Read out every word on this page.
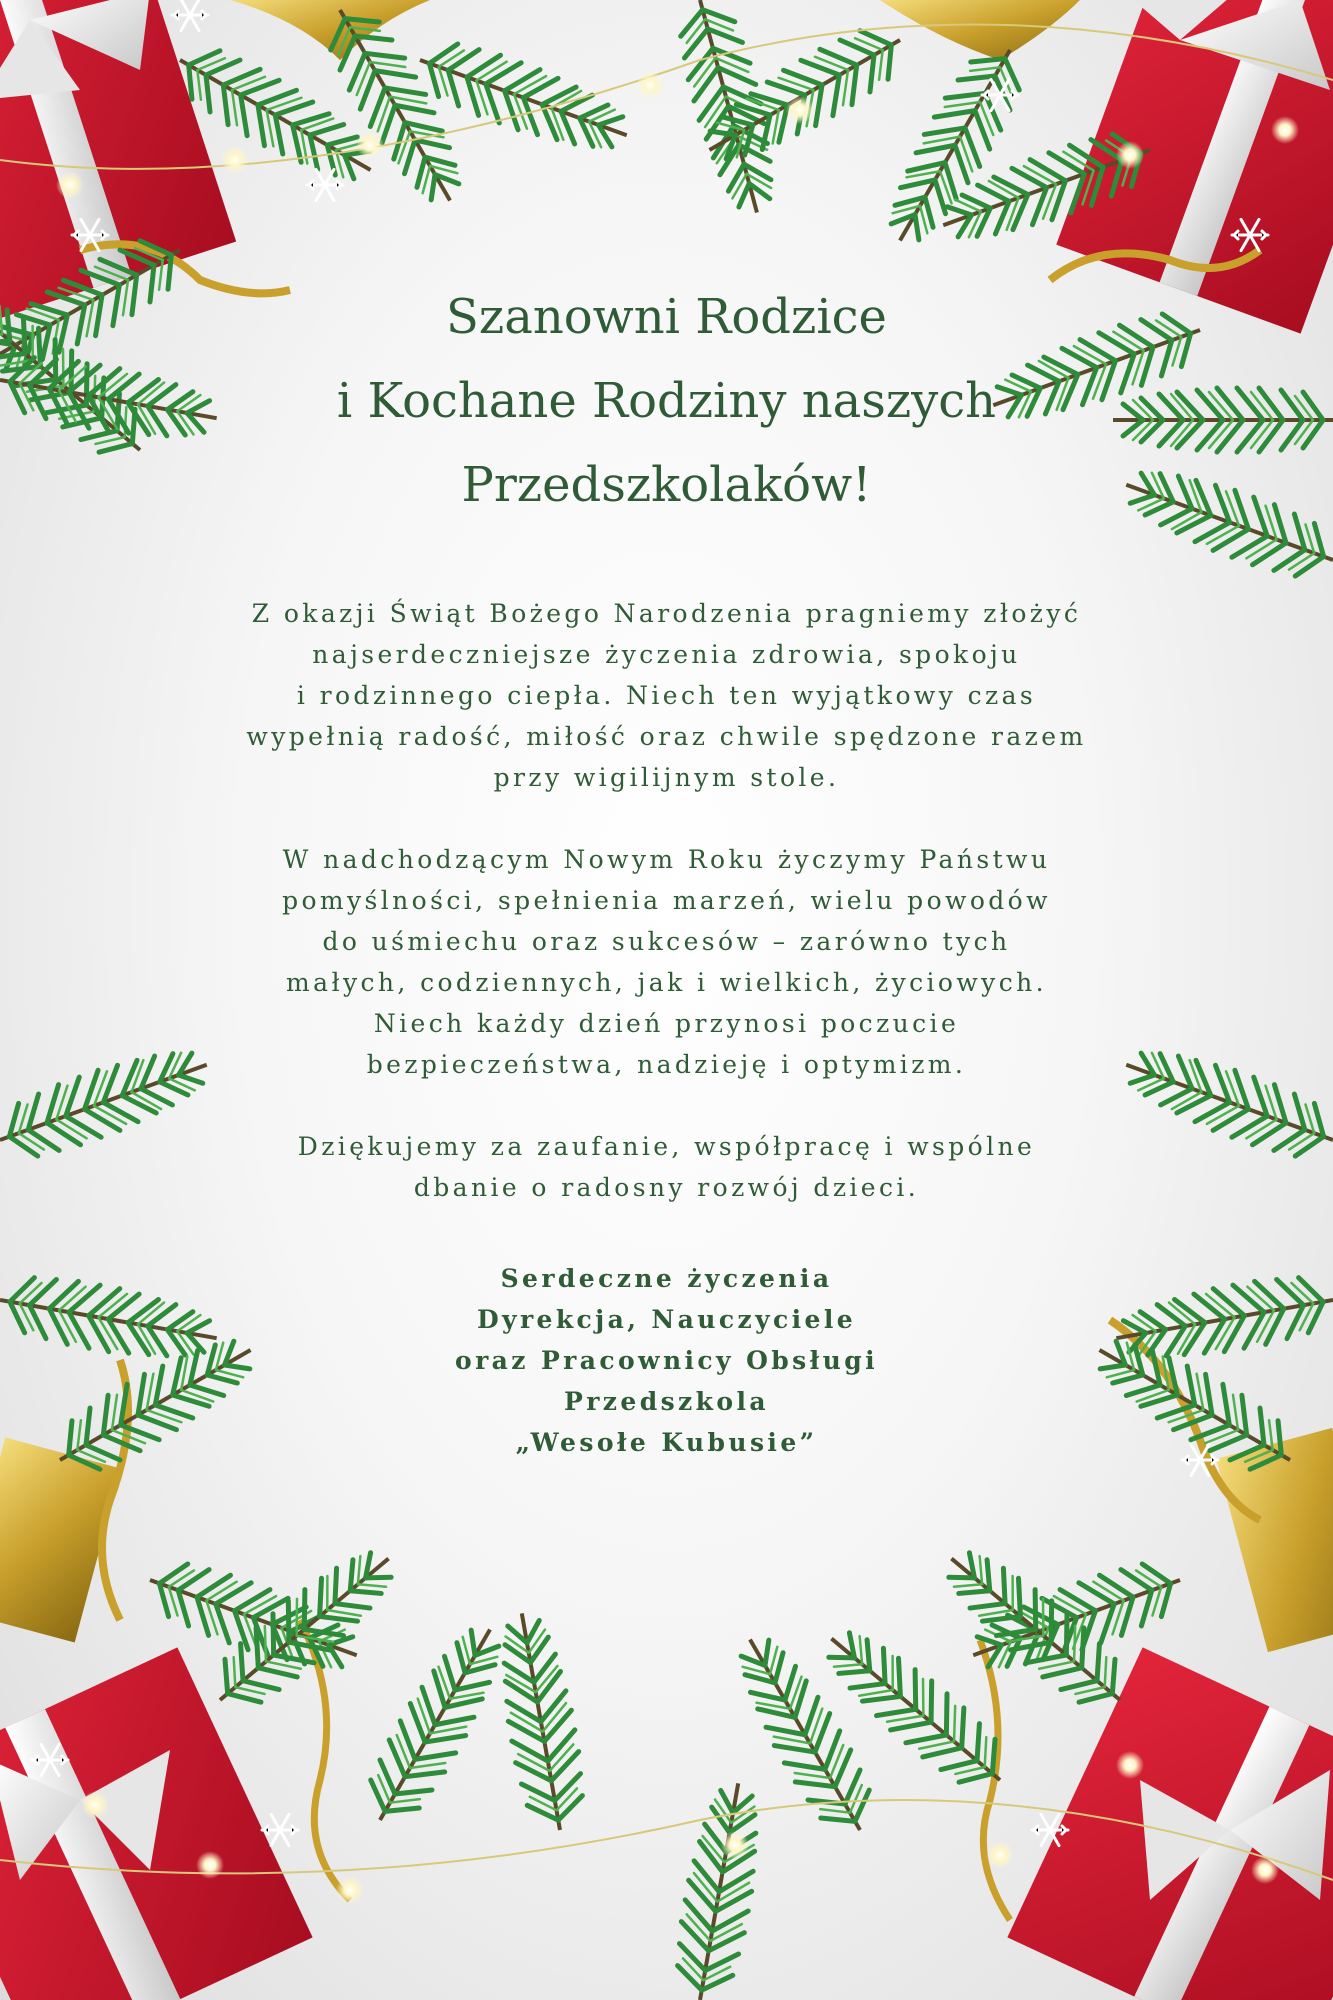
Szanowni Rodzice
i Kochane Rodziny naszych
Przedszkolaków!

Z okazji Świąt Bożego Narodzenia pragniemy złożyć
najserdeczniejsze życzenia zdrowia, spokoju
i rodzinnego ciepła. Niech ten wyjątkowy czas
wypełnią radość, miłość oraz chwile spędzone razem
przy wigilijnym stole.

W nadchodzącym Nowym Roku życzymy Państwu
pomyślności, spełnienia marzeń, wielu powodów
do uśmiechu oraz sukcesów – zarówno tych
małych, codziennych, jak i wielkich, życiowych.
Niech każdy dzień przynosi poczucie
bezpieczeństwa, nadzieję i optymizm.

Dziękujemy za zaufanie, współpracę i wspólne
dbanie o radosny rozwój dzieci.

Serdeczne życzenia
Dyrekcja, Nauczyciele
oraz Pracownicy Obsługi
Przedszkola
„Wesołe Kubusie”
